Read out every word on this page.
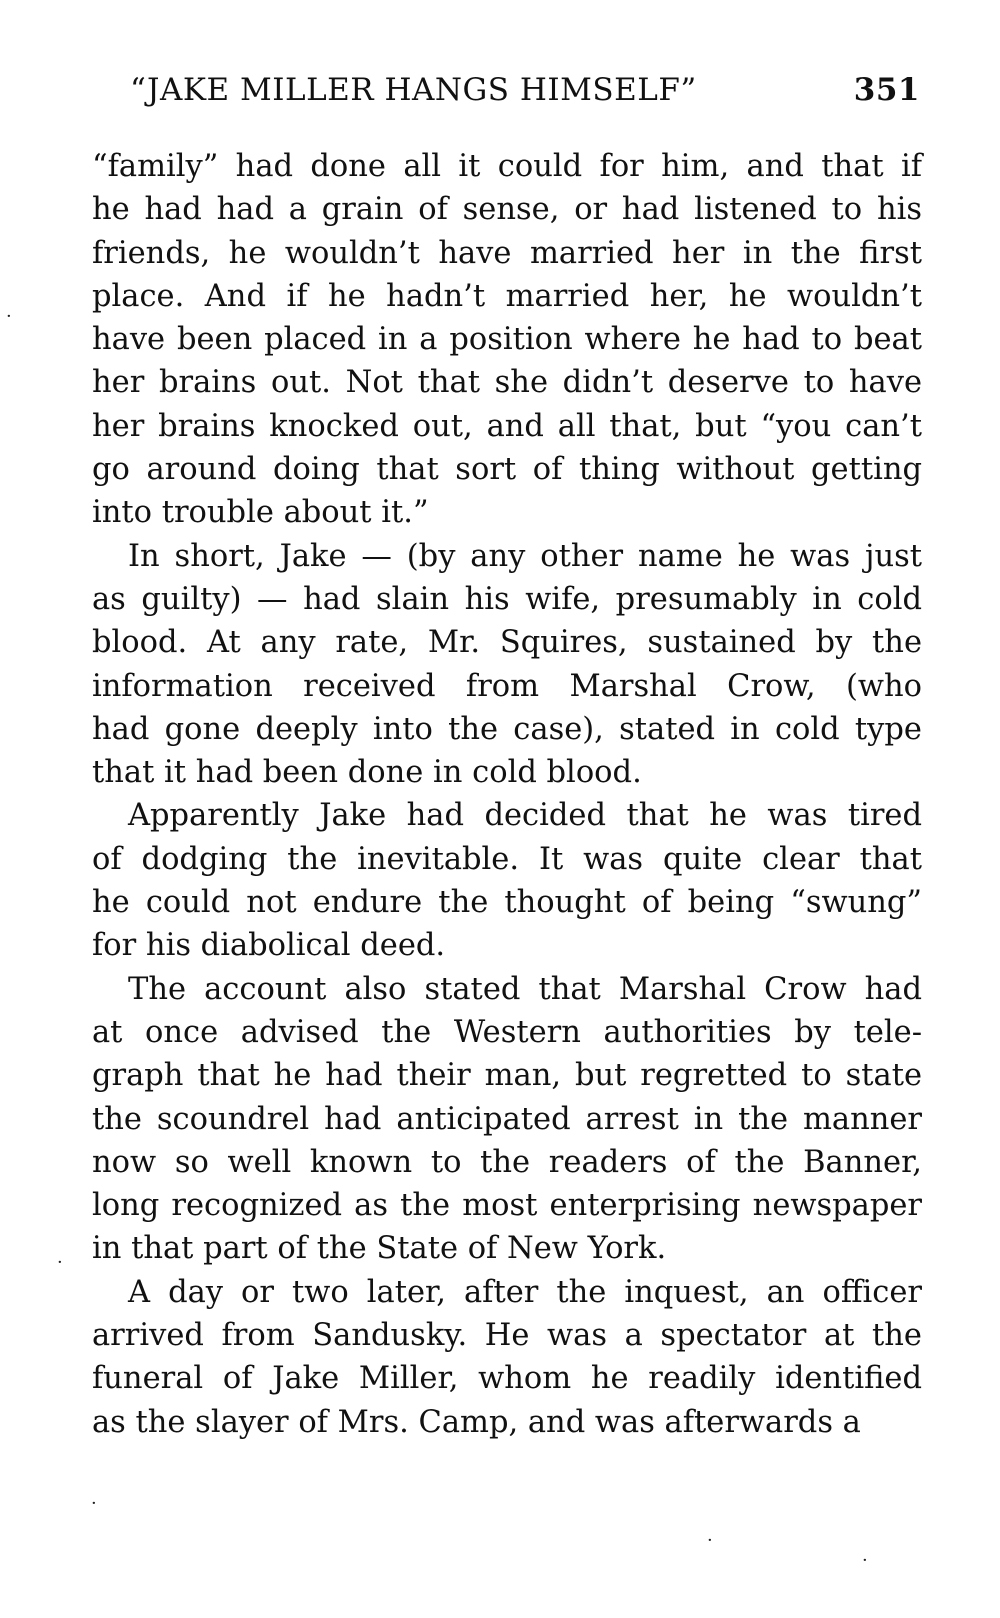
“JAKE MILLER HANGS HIMSELF”	351
“family” had done all it could for him, and that if
he had had a grain of sense, or had listened to his
friends, he wouldn’t have married her in the first
place. And if he hadn’t married her, he wouldn’t
have been placed in a position where he had to beat
her brains out. Not that she didn’t deserve to have
her brains knocked out, and all that, but “you can’t
go around doing that sort of thing without getting
into trouble about it.”
In short, Jake — (by any other name he was just
as guilty) — had slain his wife, presumably in cold
blood. At any rate, Mr. Squires, sustained by the
information received from Marshal Crow, (who
had gone deeply into the case), stated in cold type
that it had been done in cold blood.
Apparently Jake had decided that he was tired
of dodging the inevitable. It was quite clear that
he could not endure the thought of being “swung”
for his diabolical deed.
The account also stated that Marshal Crow had
at once advised the Western authorities by tele-
graph that he had their man, but regretted to state
the scoundrel had anticipated arrest in the manner
now so well known to the readers of the Banner,
long recognized as the most enterprising newspaper
in that part of the State of New York.
A day or two later, after the inquest, an officer
arrived from Sandusky. He was a spectator at the
funeral of Jake Miller, whom he readily identified
as the slayer of Mrs. Camp, and was afterwards a
·
·
·
·
·
